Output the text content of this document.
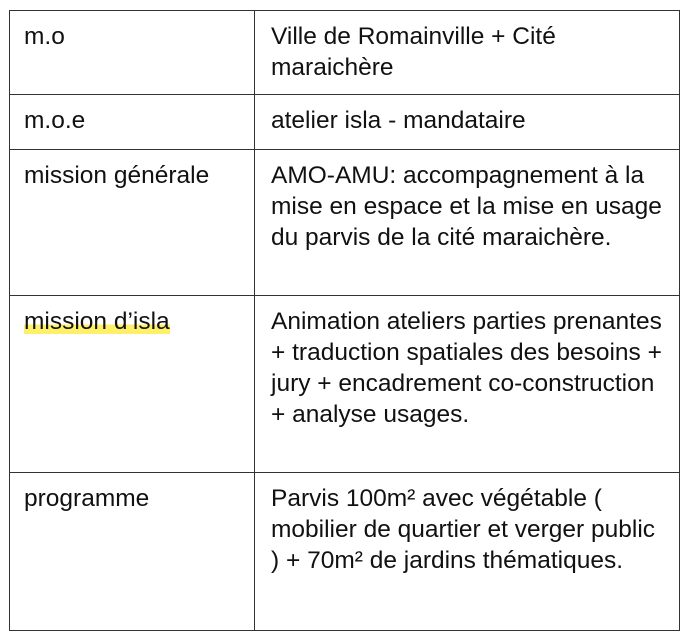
m.o	Ville de Romainville + Cité maraichère
m.o.e	atelier isla - mandataire
mission générale	AMO-AMU: accompagnement à la mise en espace et la mise en usage du parvis de la cité maraichère.
mission d’isla	Animation ateliers parties prenantes + traduction spatiales des besoins + jury + encadrement co-construction + analyse usages.
programme	Parvis 100m² avec végétable ( mobilier de quartier et verger public ) + 70m² de jardins thématiques.
